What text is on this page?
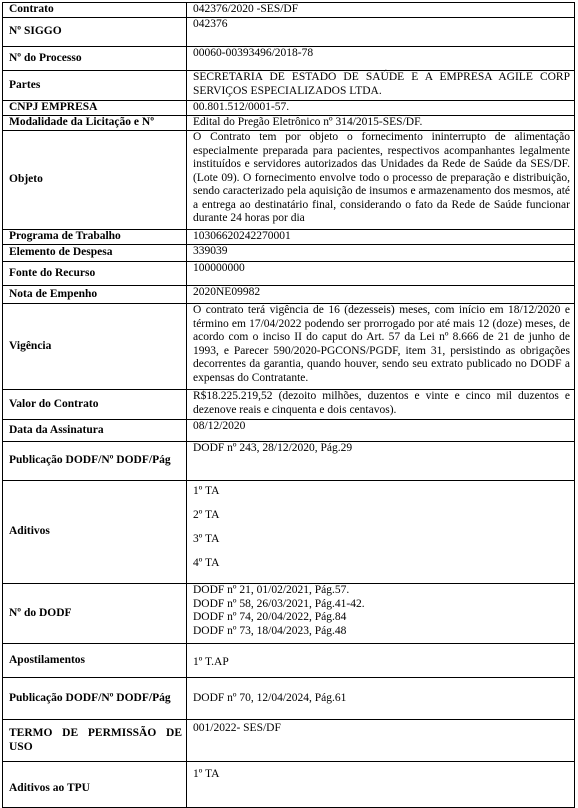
Contrato	042376/2020 -SES/DF
Nº SIGGO	042376
Nº do Processo	00060-00393496/2018-78
Partes	SECRETARIA DE ESTADO DE SAÚDE E A EMPRESA AGILE CORP SERVIÇOS ESPECIALIZADOS LTDA.
CNPJ EMPRESA	00.801.512/0001-57.
Modalidade da Licitação e Nº	Edital do Pregão Eletrônico nº 314/2015-SES/DF.
Objeto	O Contrato tem por objeto o fornecimento ininterrupto de alimentação especialmente preparada para pacientes, respectivos acompanhantes legalmente instituídos e servidores autorizados das Unidades da Rede de Saúde da SES/DF. (Lote 09). O fornecimento envolve todo o processo de preparação e distribuição, sendo caracterizado pela aquisição de insumos e armazenamento dos mesmos, até a entrega ao destinatário final, considerando o fato da Rede de Saúde funcionar durante 24 horas por dia
Programa de Trabalho	10306620242270001
Elemento de Despesa	339039
Fonte do Recurso	100000000
Nota de Empenho	2020NE09982
Vigência	O contrato terá vigência de 16 (dezesseis) meses, com início em 18/12/2020 e término em 17/04/2022 podendo ser prorrogado por até mais 12 (doze) meses, de acordo com o inciso II do caput do Art. 57 da Lei nº 8.666 de 21 de junho de 1993, e Parecer 590/2020-PGCONS/PGDF, item 31, persistindo as obrigações decorrentes da garantia, quando houver, sendo seu extrato publicado no DODF a expensas do Contratante.
Valor do Contrato	R$18.225.219,52 (dezoito milhões, duzentos e vinte e cinco mil duzentos e dezenove reais e cinquenta e dois centavos).
Data da Assinatura	08/12/2020
Publicação DODF/Nº DODF/Pág	DODF nº 243, 28/12/2020, Pág.29
Aditivos	1º TA
2º TA
3º TA
4º TA

Nº do DODF	DODF nº 21, 01/02/2021, Pág.57.
DODF nº 58, 26/03/2021, Pág.41-42.
DODF nº 74, 20/04/2022, Pág.84
DODF nº 73, 18/04/2023, Pág.48

Apostilamentos	1º T.AP
Publicação DODF/Nº DODF/Pág	DODF nº 70, 12/04/2024, Pág.61
TERMO DE PERMISSÃO DE USO	001/2022- SES/DF
Aditivos ao TPU	1º TA
